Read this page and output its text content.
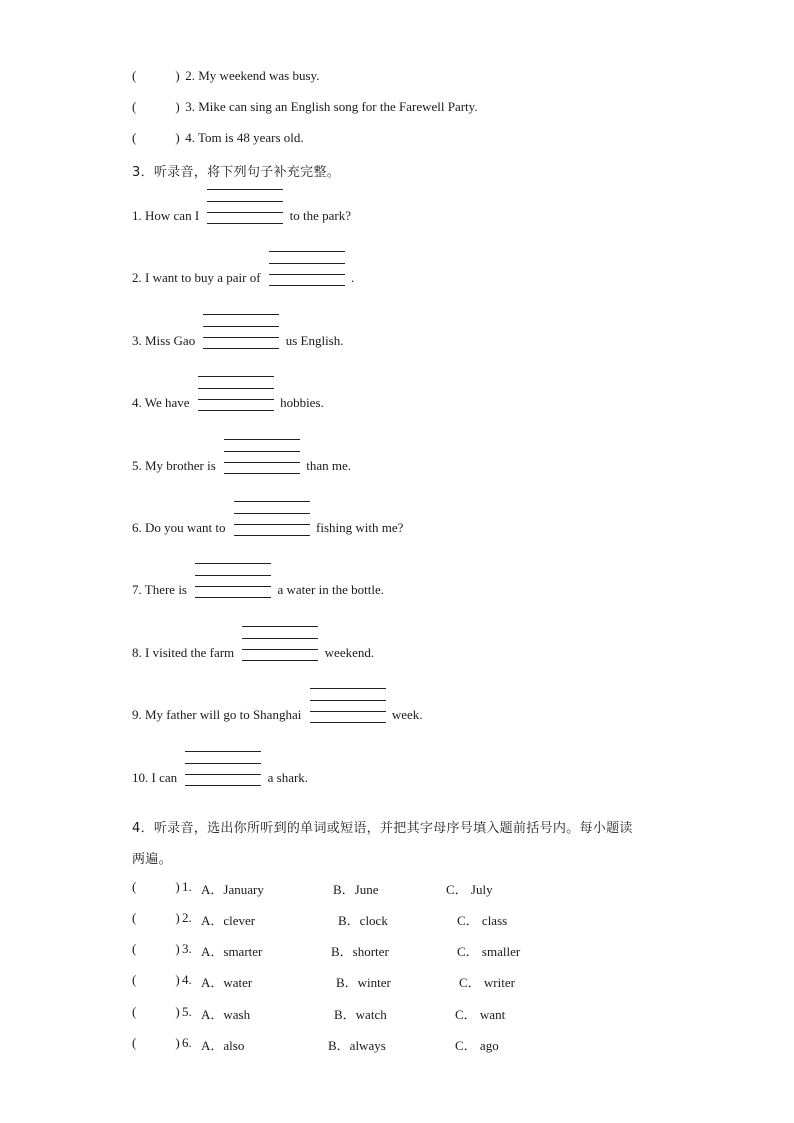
(	) 2. My weekend was busy.
(	) 3. Mike can sing an English song for the Farewell Party.
(	) 4. Tom is 48 years old.
3．听录音，将下列句子补充完整。
1. How can I	to the park?
2. I want to buy a pair of	.
3. Miss Gao	us English.
4. We have	hobbies.
5. My brother is	than me.
6. Do you want to	fishing with me?
7. There is	a water in the bottle.
8. I visited the farm	weekend.
9. My father will go to Shanghai	week.
10. I can	a shark.
4．听录音，选出你所听到的单词或短语，并把其字母序号填入题前括号内。每小题读
两遍。
(	) 1. A．January	B．June	C． July
(	) 2. A．clever	B．clock	C． class
(	) 3. A．smarter	B．shorter	C． smaller
(	) 4. A．water	B．winter	C． writer
(	) 5. A．wash	B．watch	C． want
(	) 6. A．also	B．always	C． ago
